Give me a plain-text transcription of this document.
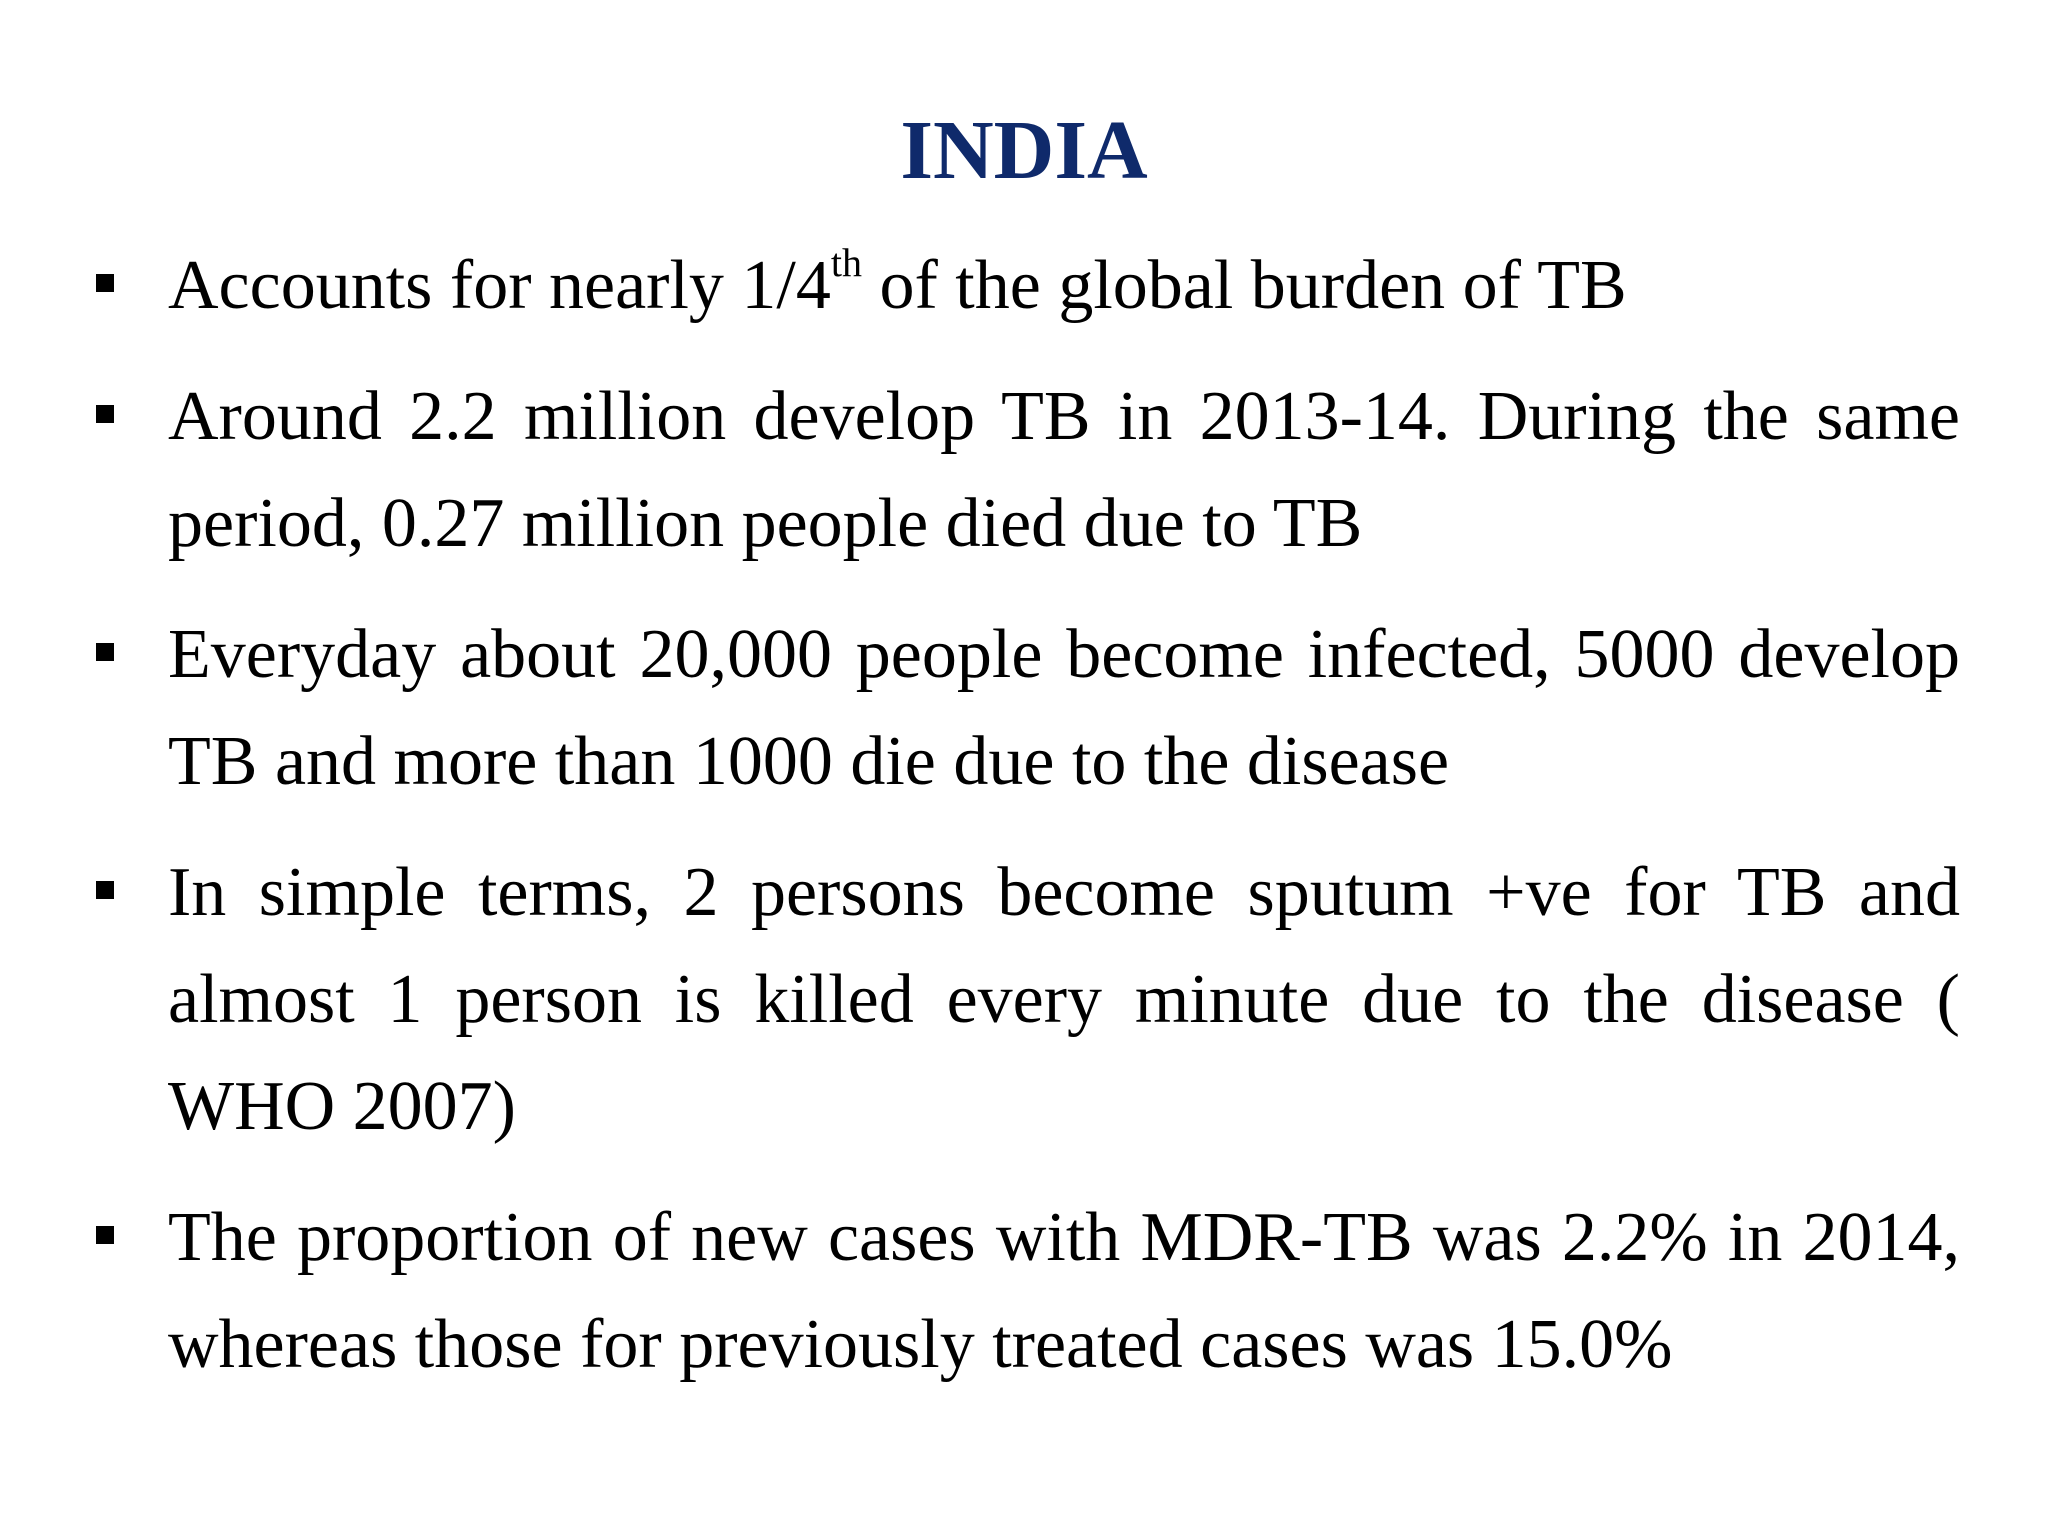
INDIA
Accounts for nearly 1/4th of the global burden of TB
Around 2.2 million develop TB in 2013-14. During the same period, 0.27 million people died due to TB
Everyday about 20,000 people become infected, 5000 develop TB and more than 1000 die due to the disease
In simple terms, 2 persons become sputum +ve for TB and almost 1 person is killed every minute due to the disease ( WHO 2007)
The proportion of new cases with MDR-TB was 2.2% in 2014, whereas those for previously treated cases was 15.0%
